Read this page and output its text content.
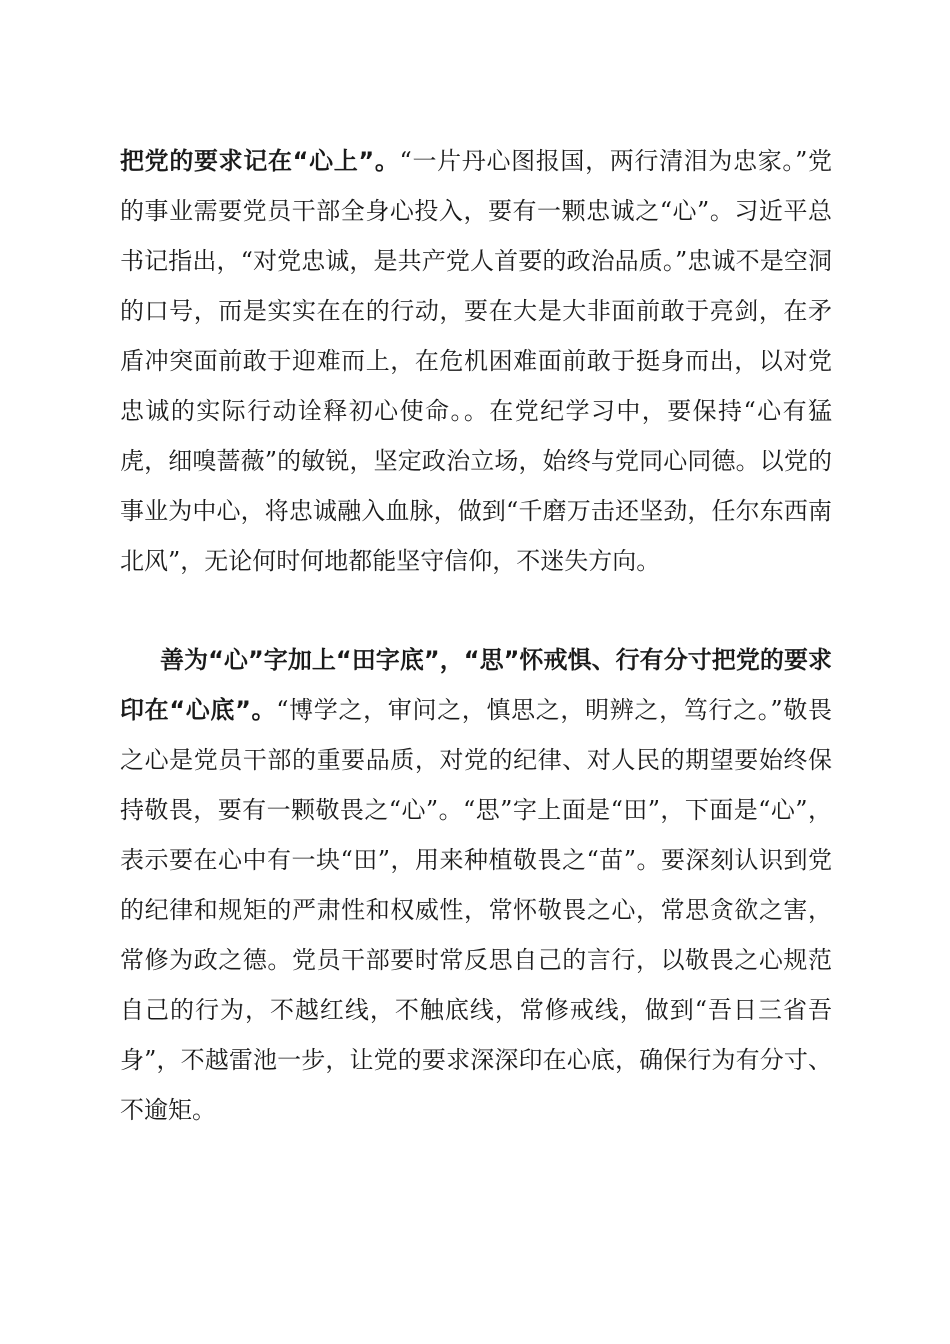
把党的要求记在“心上”。“一片丹心图报国，两行清泪为忠家。”党的事业需要党员干部全身心投入，要有一颗忠诚之“心”。习近平总书记指出，“对党忠诚，是共产党人首要的政治品质。”忠诚不是空洞的口号，而是实实在在的行动，要在大是大非面前敢于亮剑，在矛盾冲突面前敢于迎难而上，在危机困难面前敢于挺身而出，以对党忠诚的实际行动诠释初心使命。。在党纪学习中，要保持“心有猛虎，细嗅蔷薇”的敏锐，坚定政治立场，始终与党同心同德。以党的事业为中心，将忠诚融入血脉，做到“千磨万击还坚劲，任尔东西南北风”，无论何时何地都能坚守信仰，不迷失方向。

善为“心”字加上“田字底”，“思”怀戒惧、行有分寸把党的要求印在“心底”。“博学之，审问之，慎思之，明辨之，笃行之。”敬畏之心是党员干部的重要品质，对党的纪律、对人民的期望要始终保持敬畏，要有一颗敬畏之“心”。“思”字上面是“田”，下面是“心”，表示要在心中有一块“田”，用来种植敬畏之“苗”。要深刻认识到党的纪律和规矩的严肃性和权威性，常怀敬畏之心，常思贪欲之害，常修为政之德。党员干部要时常反思自己的言行，以敬畏之心规范自己的行为，不越红线，不触底线，常修戒线，做到“吾日三省吾身”，不越雷池一步，让党的要求深深印在心底，确保行为有分寸、不逾矩。
